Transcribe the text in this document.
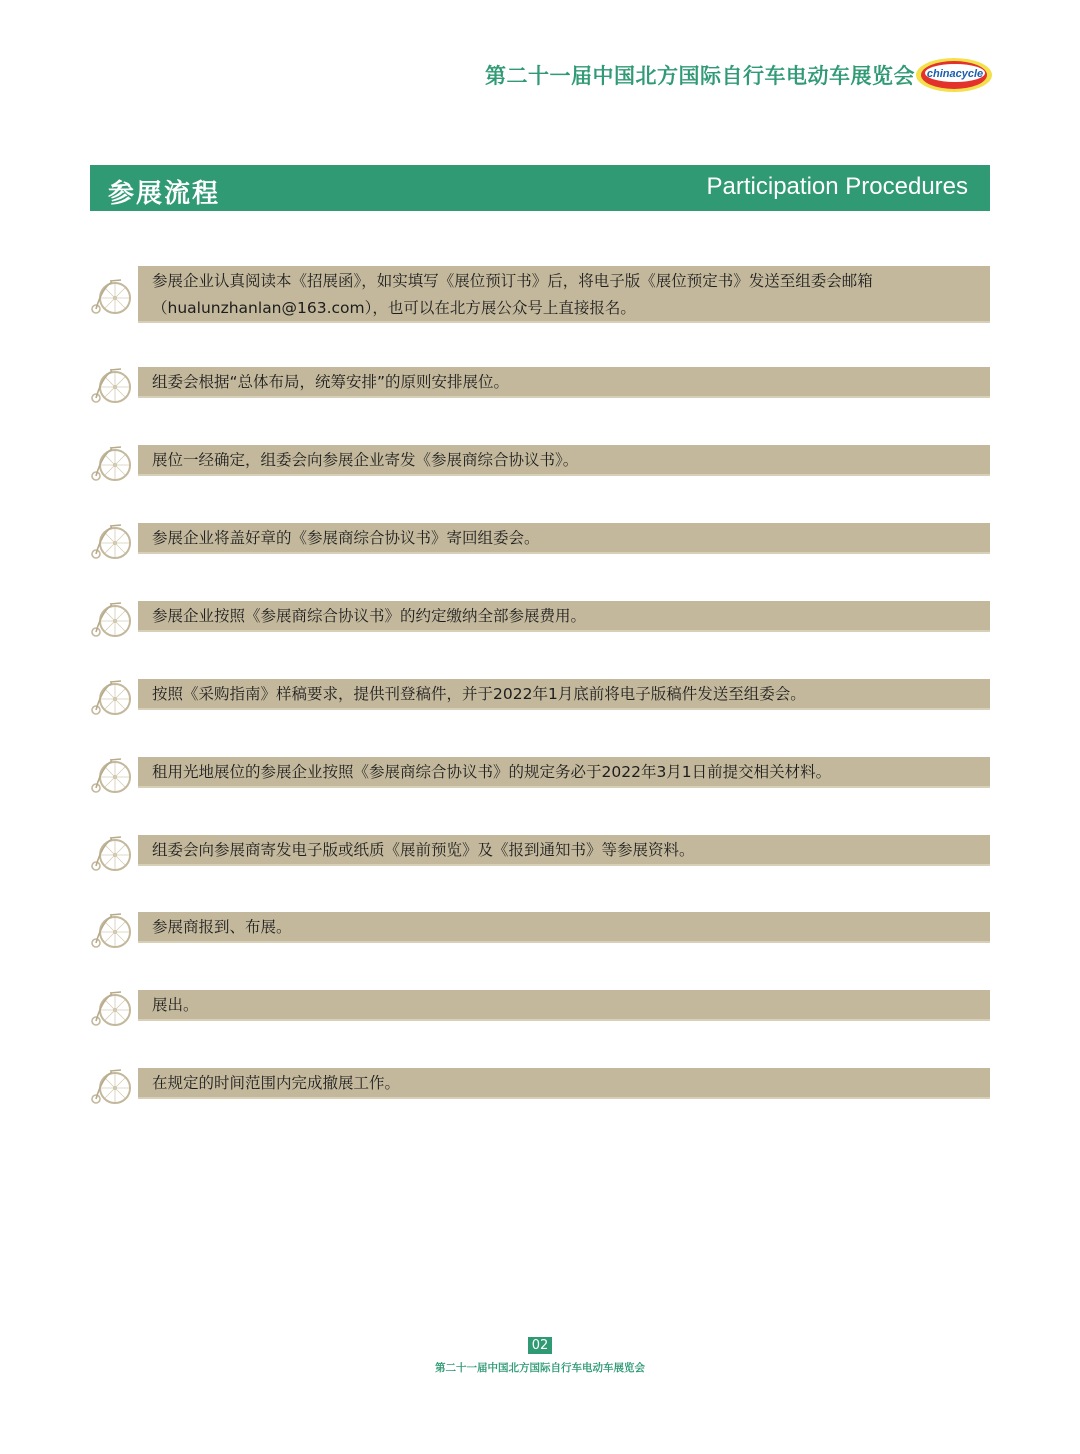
第二十一届中国北方国际自行车电动车展览会 chinacycle
参展流程	Participation Procedures
参展企业认真阅读本《招展函》，如实填写《展位预订书》后，将电子版《展位预定书》发送至组委会邮箱
（hualunzhanlan@163.com），也可以在北方展公众号上直接报名。
组委会根据“总体布局，统筹安排”的原则安排展位。
展位一经确定，组委会向参展企业寄发《参展商综合协议书》。
参展企业将盖好章的《参展商综合协议书》寄回组委会。
参展企业按照《参展商综合协议书》的约定缴纳全部参展费用。
按照《采购指南》样稿要求，提供刊登稿件，并于2022年1月底前将电子版稿件发送至组委会。
租用光地展位的参展企业按照《参展商综合协议书》的规定务必于2022年3月1日前提交相关材料。
组委会向参展商寄发电子版或纸质《展前预览》及《报到通知书》等参展资料。
参展商报到、布展。
展出。
在规定的时间范围内完成撤展工作。
02
第二十一届中国北方国际自行车电动车展览会
